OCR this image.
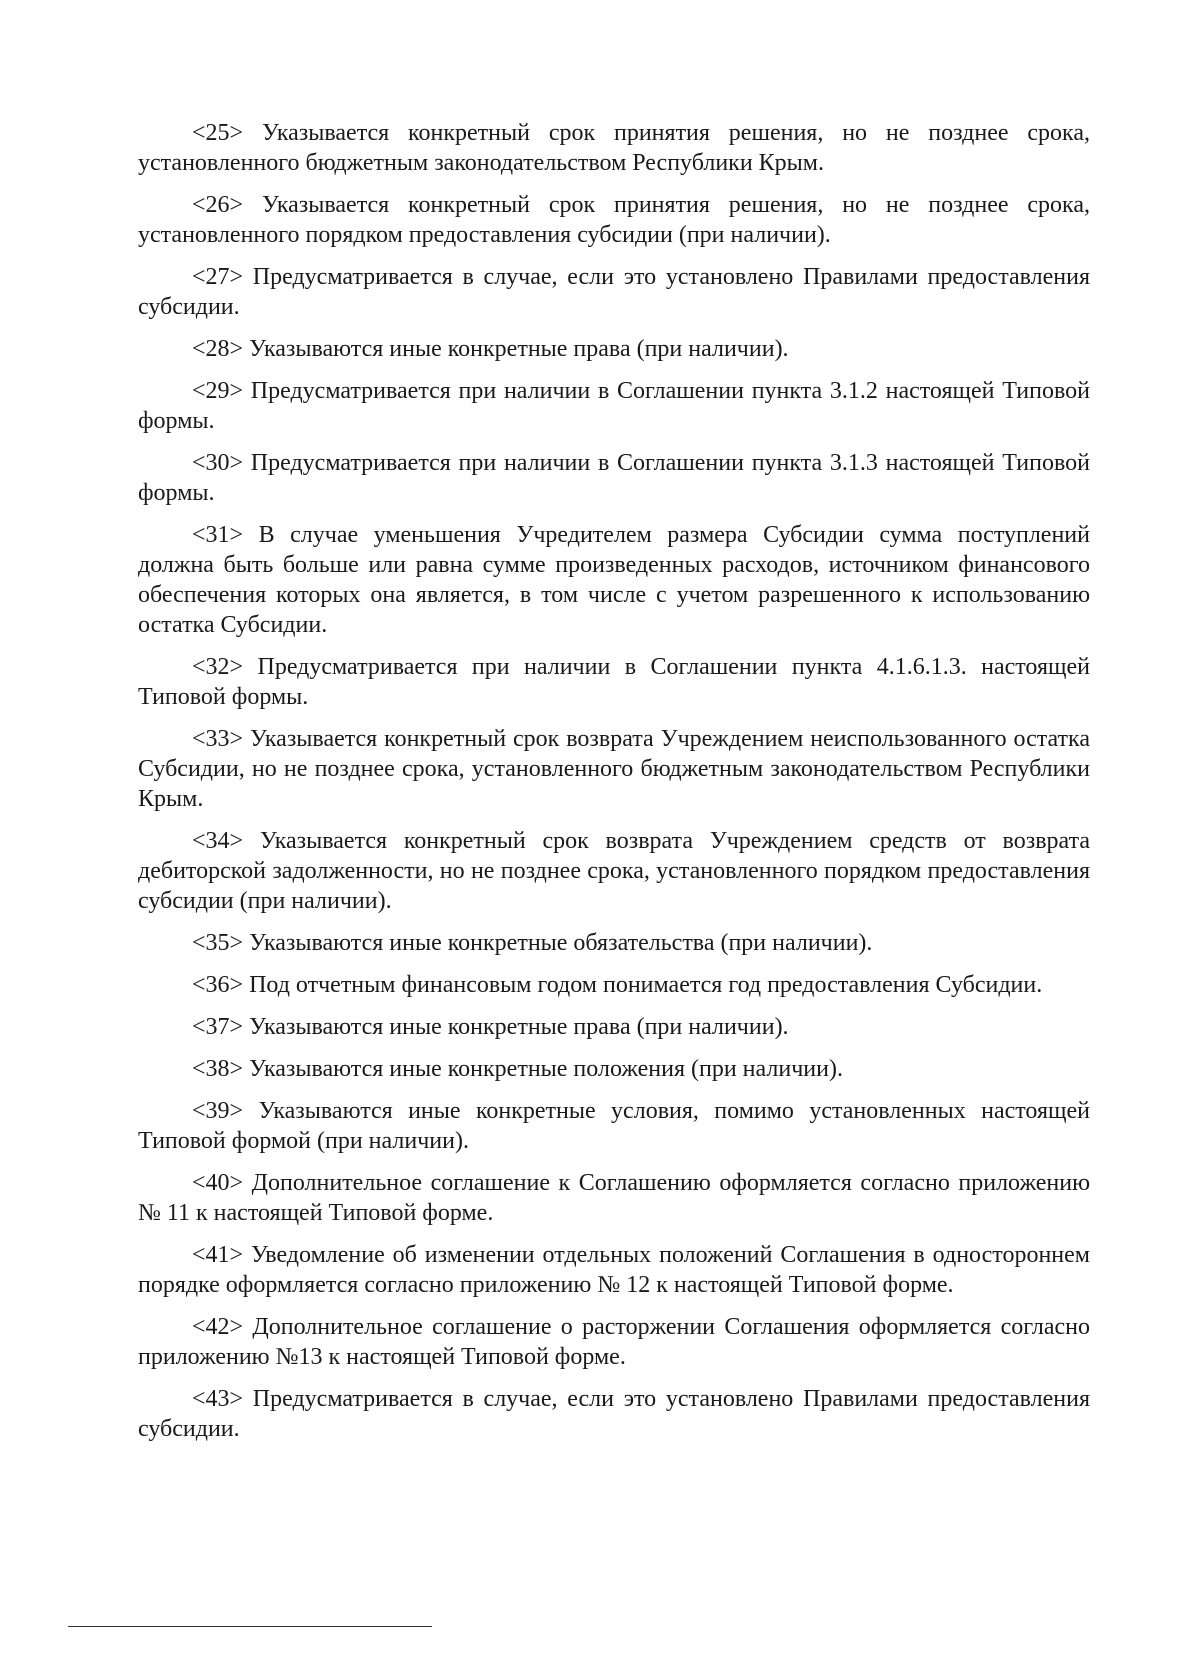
<25> Указывается конкретный срок принятия решения, но не позднее срока, установленного бюджетным законодательством Республики Крым.

<26> Указывается конкретный срок принятия решения, но не позднее срока, установленного порядком предоставления субсидии (при наличии).

<27> Предусматривается в случае, если это установлено Правилами предоставления субсидии.

<28> Указываются иные конкретные права (при наличии).

<29> Предусматривается при наличии в Соглашении пункта 3.1.2 настоящей Типовой формы.

<30> Предусматривается при наличии в Соглашении пункта 3.1.3 настоящей Типовой формы.

<31> В случае уменьшения Учредителем размера Субсидии сумма поступлений должна быть больше или равна сумме произведенных расходов, источником финансового обеспечения которых она является, в том числе с учетом разрешенного к использованию остатка Субсидии.

<32> Предусматривается при наличии в Соглашении пункта 4.1.6.1.3. настоящей Типовой формы.

<33> Указывается конкретный срок возврата Учреждением неиспользованного остатка Субсидии, но не позднее срока, установленного бюджетным законодательством Республики Крым.

<34> Указывается конкретный срок возврата Учреждением средств от возврата дебиторской задолженности, но не позднее срока, установленного порядком предоставления субсидии (при наличии).

<35> Указываются иные конкретные обязательства (при наличии).

<36> Под отчетным финансовым годом понимается год предоставления Субсидии.

<37> Указываются иные конкретные права (при наличии).

<38> Указываются иные конкретные положения (при наличии).

<39> Указываются иные конкретные условия, помимо установленных настоящей Типовой формой (при наличии).

<40> Дополнительное соглашение к Соглашению оформляется согласно приложению № 11 к настоящей Типовой форме.

<41> Уведомление об изменении отдельных положений Соглашения в одностороннем порядке оформляется согласно приложению № 12 к настоящей Типовой форме.

<42> Дополнительное соглашение о расторжении Соглашения оформляется согласно приложению №13 к настоящей Типовой форме.

<43> Предусматривается в случае, если это установлено Правилами предоставления субсидии.
